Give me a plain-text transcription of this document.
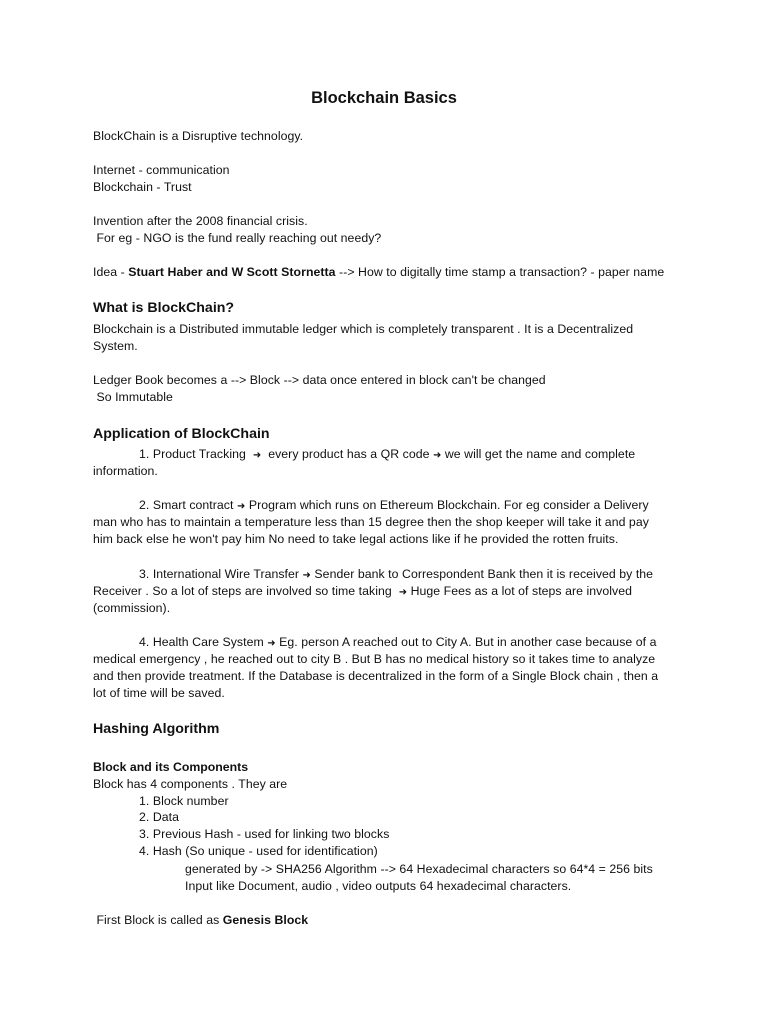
Blockchain Basics
BlockChain is a Disruptive technology.
Internet - communication
Blockchain - Trust
Invention after the 2008 financial crisis.
For eg - NGO is the fund really reaching out needy?
Idea - Stuart Haber and W Scott Stornetta --> How to digitally time stamp a transaction? - paper name
What is BlockChain?
Blockchain is a Distributed immutable ledger which is completely transparent . It is a Decentralized
System.
Ledger Book becomes a --> Block --> data once entered in block can't be changed
So Immutable
Application of BlockChain
1. Product Tracking  ➜  every product has a QR code ➜ we will get the name and complete
information.
2. Smart contract ➜ Program which runs on Ethereum Blockchain. For eg consider a Delivery
man who has to maintain a temperature less than 15 degree then the shop keeper will take it and pay
him back else he won't pay him No need to take legal actions like if he provided the rotten fruits.
3. International Wire Transfer ➜ Sender bank to Correspondent Bank then it is received by the
Receiver . So a lot of steps are involved so time taking  ➜ Huge Fees as a lot of steps are involved
(commission).
4. Health Care System ➜ Eg. person A reached out to City A. But in another case because of a
medical emergency , he reached out to city B . But B has no medical history so it takes time to analyze
and then provide treatment. If the Database is decentralized in the form of a Single Block chain , then a
lot of time will be saved.
Hashing Algorithm
Block and its Components
Block has 4 components . They are
1. Block number
2. Data
3. Previous Hash - used for linking two blocks
4. Hash (So unique - used for identification)
generated by -> SHA256 Algorithm --> 64 Hexadecimal characters so 64*4 = 256 bits
Input like Document, audio , video outputs 64 hexadecimal characters.
First Block is called as Genesis Block
